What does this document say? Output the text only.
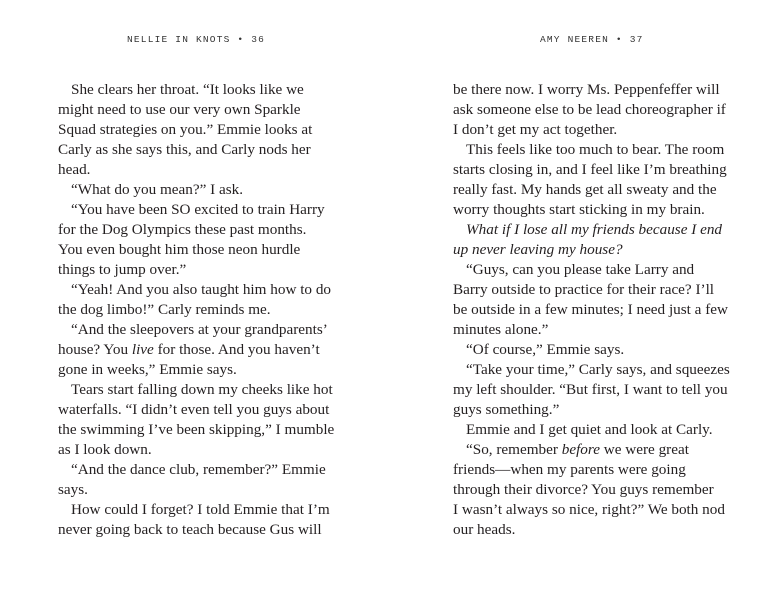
NELLIE IN KNOTS • 36	AMY NEEREN • 37
She clears her throat. “It looks like we
might need to use our very own Sparkle
Squad strategies on you.” Emmie looks at
Carly as she says this, and Carly nods her
head.
“What do you mean?” I ask.
“You have been SO excited to train Harry
for the Dog Olympics these past months.
You even bought him those neon hurdle
things to jump over.”
“Yeah! And you also taught him how to do
the dog limbo!” Carly reminds me.
“And the sleepovers at your grandparents’
house? You live for those. And you haven’t
gone in weeks,” Emmie says.
Tears start falling down my cheeks like hot
waterfalls. “I didn’t even tell you guys about
the swimming I’ve been skipping,” I mumble
as I look down.
“And the dance club, remember?” Emmie
says.
How could I forget? I told Emmie that I’m
never going back to teach because Gus will
be there now. I worry Ms. Peppenfeffer will
ask someone else to be lead choreographer if
I don’t get my act together.
This feels like too much to bear. The room
starts closing in, and I feel like I’m breathing
really fast. My hands get all sweaty and the
worry thoughts start sticking in my brain.
What if I lose all my friends because I end
up never leaving my house?
“Guys, can you please take Larry and
Barry outside to practice for their race? I’ll
be outside in a few minutes; I need just a few
minutes alone.”
“Of course,” Emmie says.
“Take your time,” Carly says, and squeezes
my left shoulder. “But first, I want to tell you
guys something.”
Emmie and I get quiet and look at Carly.
“So, remember before we were great
friends—when my parents were going
through their divorce? You guys remember
I wasn’t always so nice, right?” We both nod
our heads.
